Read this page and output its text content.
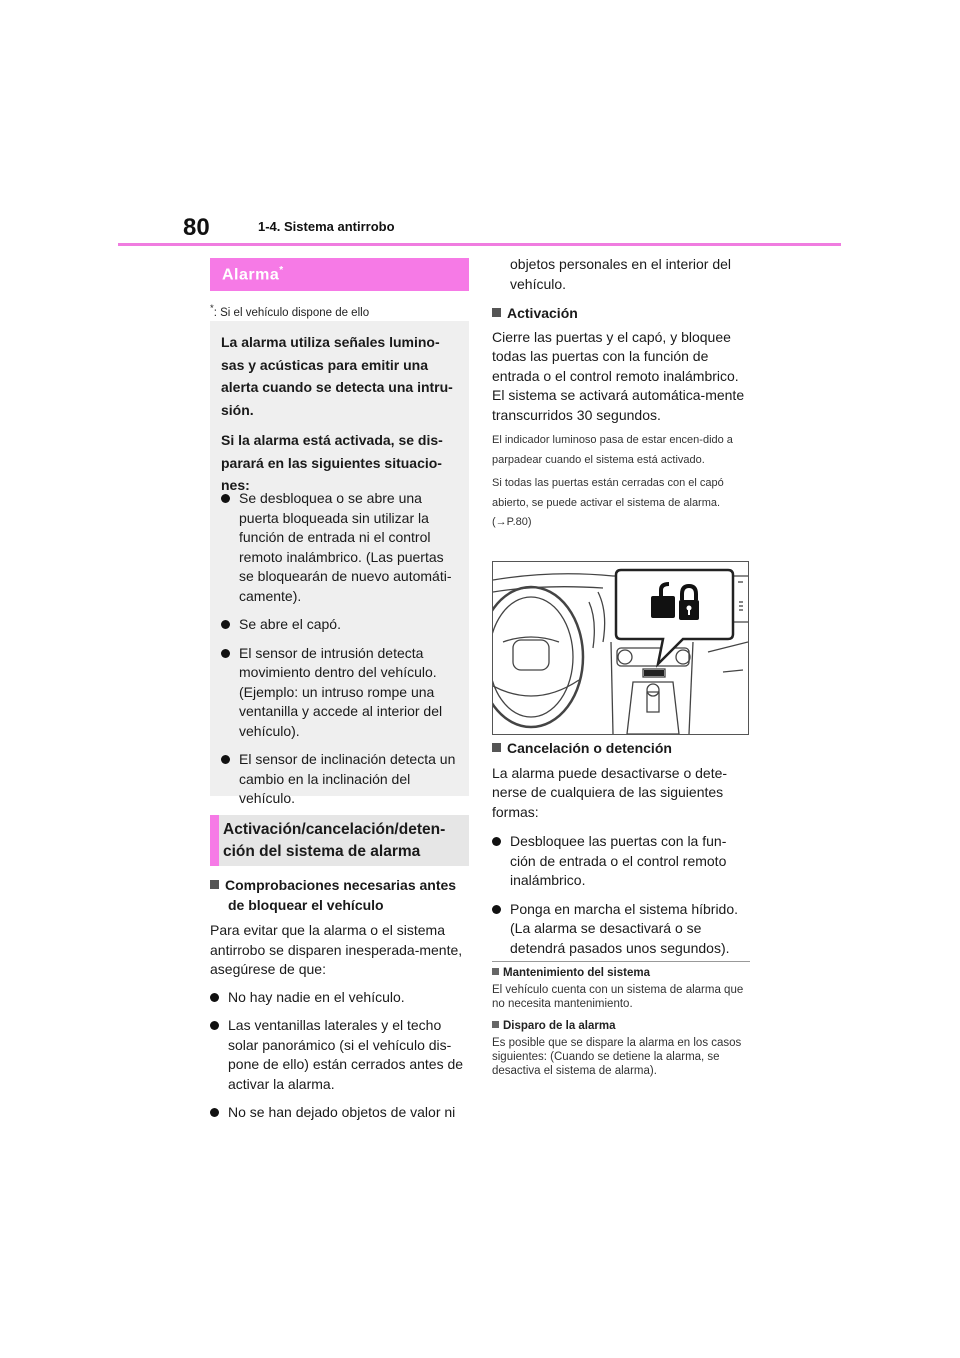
80	1-4. Sistema antirrobo
Alarma*
*: Si el vehículo dispone de ello

La alarma utiliza señales lumino-sas y acústicas para emitir una alerta cuando se detecta una intru-sión.

Si la alarma está activada, se dis-parará en las siguientes situacio-nes:

Se desbloquea o se abre una puerta bloqueada sin utilizar la función de entrada ni el control remoto inalámbrico. (Las puertas se bloquearán de nuevo automáti-camente).
Se abre el capó.
El sensor de intrusión detecta movimiento dentro del vehículo. (Ejemplo: un intruso rompe una ventanilla y accede al interior del vehículo).
El sensor de inclinación detecta un cambio en la inclinación del vehículo.
Activación/cancelación/deten-ción del sistema de alarma
Comprobaciones necesarias antes de bloquear el vehículo
Para evitar que la alarma o el sistema antirrobo se disparen inesperada-mente, asegúrese de que:
No hay nadie en el vehículo.
Las ventanillas laterales y el techo solar panorámico (si el vehículo dis-pone de ello) están cerrados antes de activar la alarma.
No se han dejado objetos de valor ni
objetos personales en el interior del vehículo.
Activación
Cierre las puertas y el capó, y bloquee todas las puertas con la función de entrada o el control remoto inalámbrico. El sistema se activará automática-mente transcurridos 30 segundos.
El indicador luminoso pasa de estar encen-dido a parpadear cuando el sistema está activado.
Si todas las puertas están cerradas con el capó abierto, se puede activar el sistema de alarma. (→P.80)
Cancelación o detención
La alarma puede desactivarse o dete-nerse de cualquiera de las siguientes formas:
Desbloquee las puertas con la fun-ción de entrada o el control remoto inalámbrico.
Ponga en marcha el sistema híbrido. (La alarma se desactivará o se detendrá pasados unos segundos).
Mantenimiento del sistema
El vehículo cuenta con un sistema de alarma que no necesita mantenimiento.
Disparo de la alarma
Es posible que se dispare la alarma en los casos siguientes: (Cuando se detiene la alarma, se desactiva el sistema de alarma).
